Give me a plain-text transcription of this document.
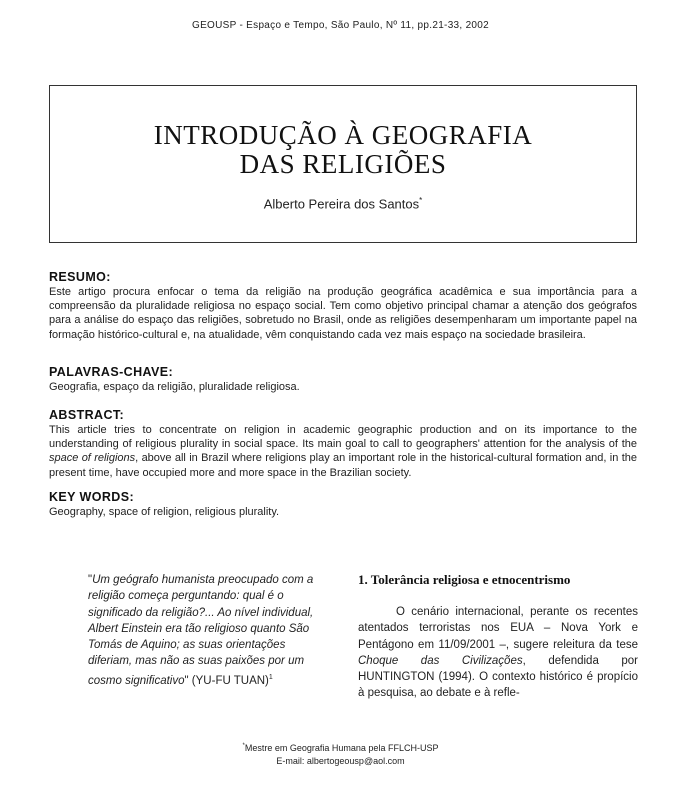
GEOUSP - Espaço e Tempo, São Paulo, Nº 11, pp.21-33, 2002
INTRODUÇÃO À GEOGRAFIA
DAS RELIGIÕES
Alberto Pereira dos Santos*
RESUMO:
Este artigo procura enfocar o tema da religião na produção geográfica acadêmica e sua importância para a compreensão da pluralidade religiosa no espaço social. Tem como objetivo principal chamar a atenção dos geógrafos para a análise do espaço das religiões, sobretudo no Brasil, onde as religiões desempenharam um importante papel na formação histórico-cultural e, na atualidade, vêm conquistando cada vez mais espaço na sociedade brasileira.
PALAVRAS-CHAVE:
Geografia, espaço da religião, pluralidade religiosa.
ABSTRACT:
This article tries to concentrate on religion in academic geographic production and on its importance to the understanding of religious plurality in social space. Its main goal to call to geographers' attention for the analysis of the space of religions, above all in Brazil where religions play an important role in the historical-cultural formation and, in the present time, have occupied more and more space in the Brazilian society.
KEY WORDS:
Geography, space of religion, religious plurality.
"Um geógrafo humanista preocupado com a religião começa perguntando: qual é o significado da religião?... Ao nível individual, Albert Einstein era tão religioso quanto São Tomás de Aquino; as suas orientações diferiam, mas não as suas paixões por um cosmo significativo" (YU-FU TUAN)$^1$
1. Tolerância religiosa e etnocentrismo
O cenário internacional, perante os recentes atentados terroristas nos EUA – Nova York e Pentágono em 11/09/2001 –, sugere releitura da tese Choque das Civilizações, defendida por HUNTINGTON (1994). O contexto histórico é propício à pesquisa, ao debate e à refle-
*Mestre em Geografia Humana pela FFLCH-USP
E-mail: albertogeousp@aol.com
